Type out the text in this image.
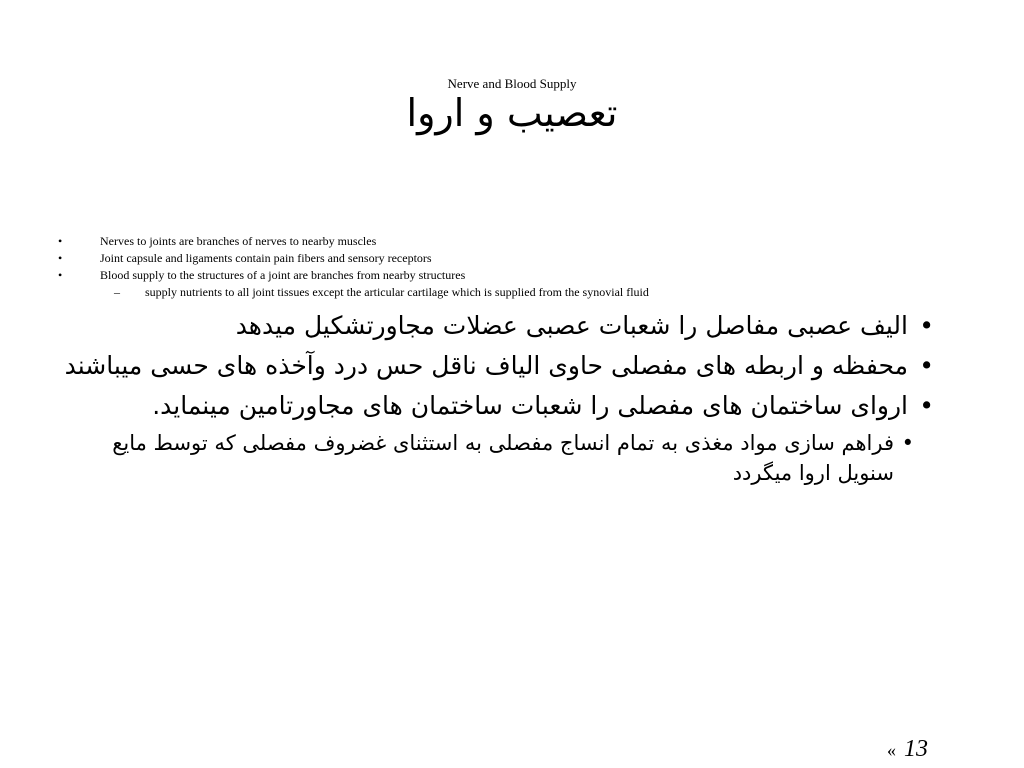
Nerve and Blood Supply
تعصیب و اروا
•	Nerves to joints are branches of nerves to nearby muscles
•	Joint capsule and ligaments contain pain fibers and sensory receptors
•	Blood supply to the structures of a joint are branches from nearby structures
– supply nutrients to all joint tissues except the articular cartilage which is supplied from the synovial fluid
•
الیف عصبی مفاصل را شعبات عصبی عضلات مجاورتشکیل میدهد
•
محفظه و اربطه های مفصلی حاوی الیاف ناقل حس درد وآخذه های حسی میباشند
•
اروای ساختمان های مفصلی را شعبات ساختمان های مجاورتامین مینماید.
•
فراهم سازی مواد مغذی به تمام انساج مفصلی به استثنای غضروف مفصلی که توسط مایع سنویل اروا میگردد
« 13
